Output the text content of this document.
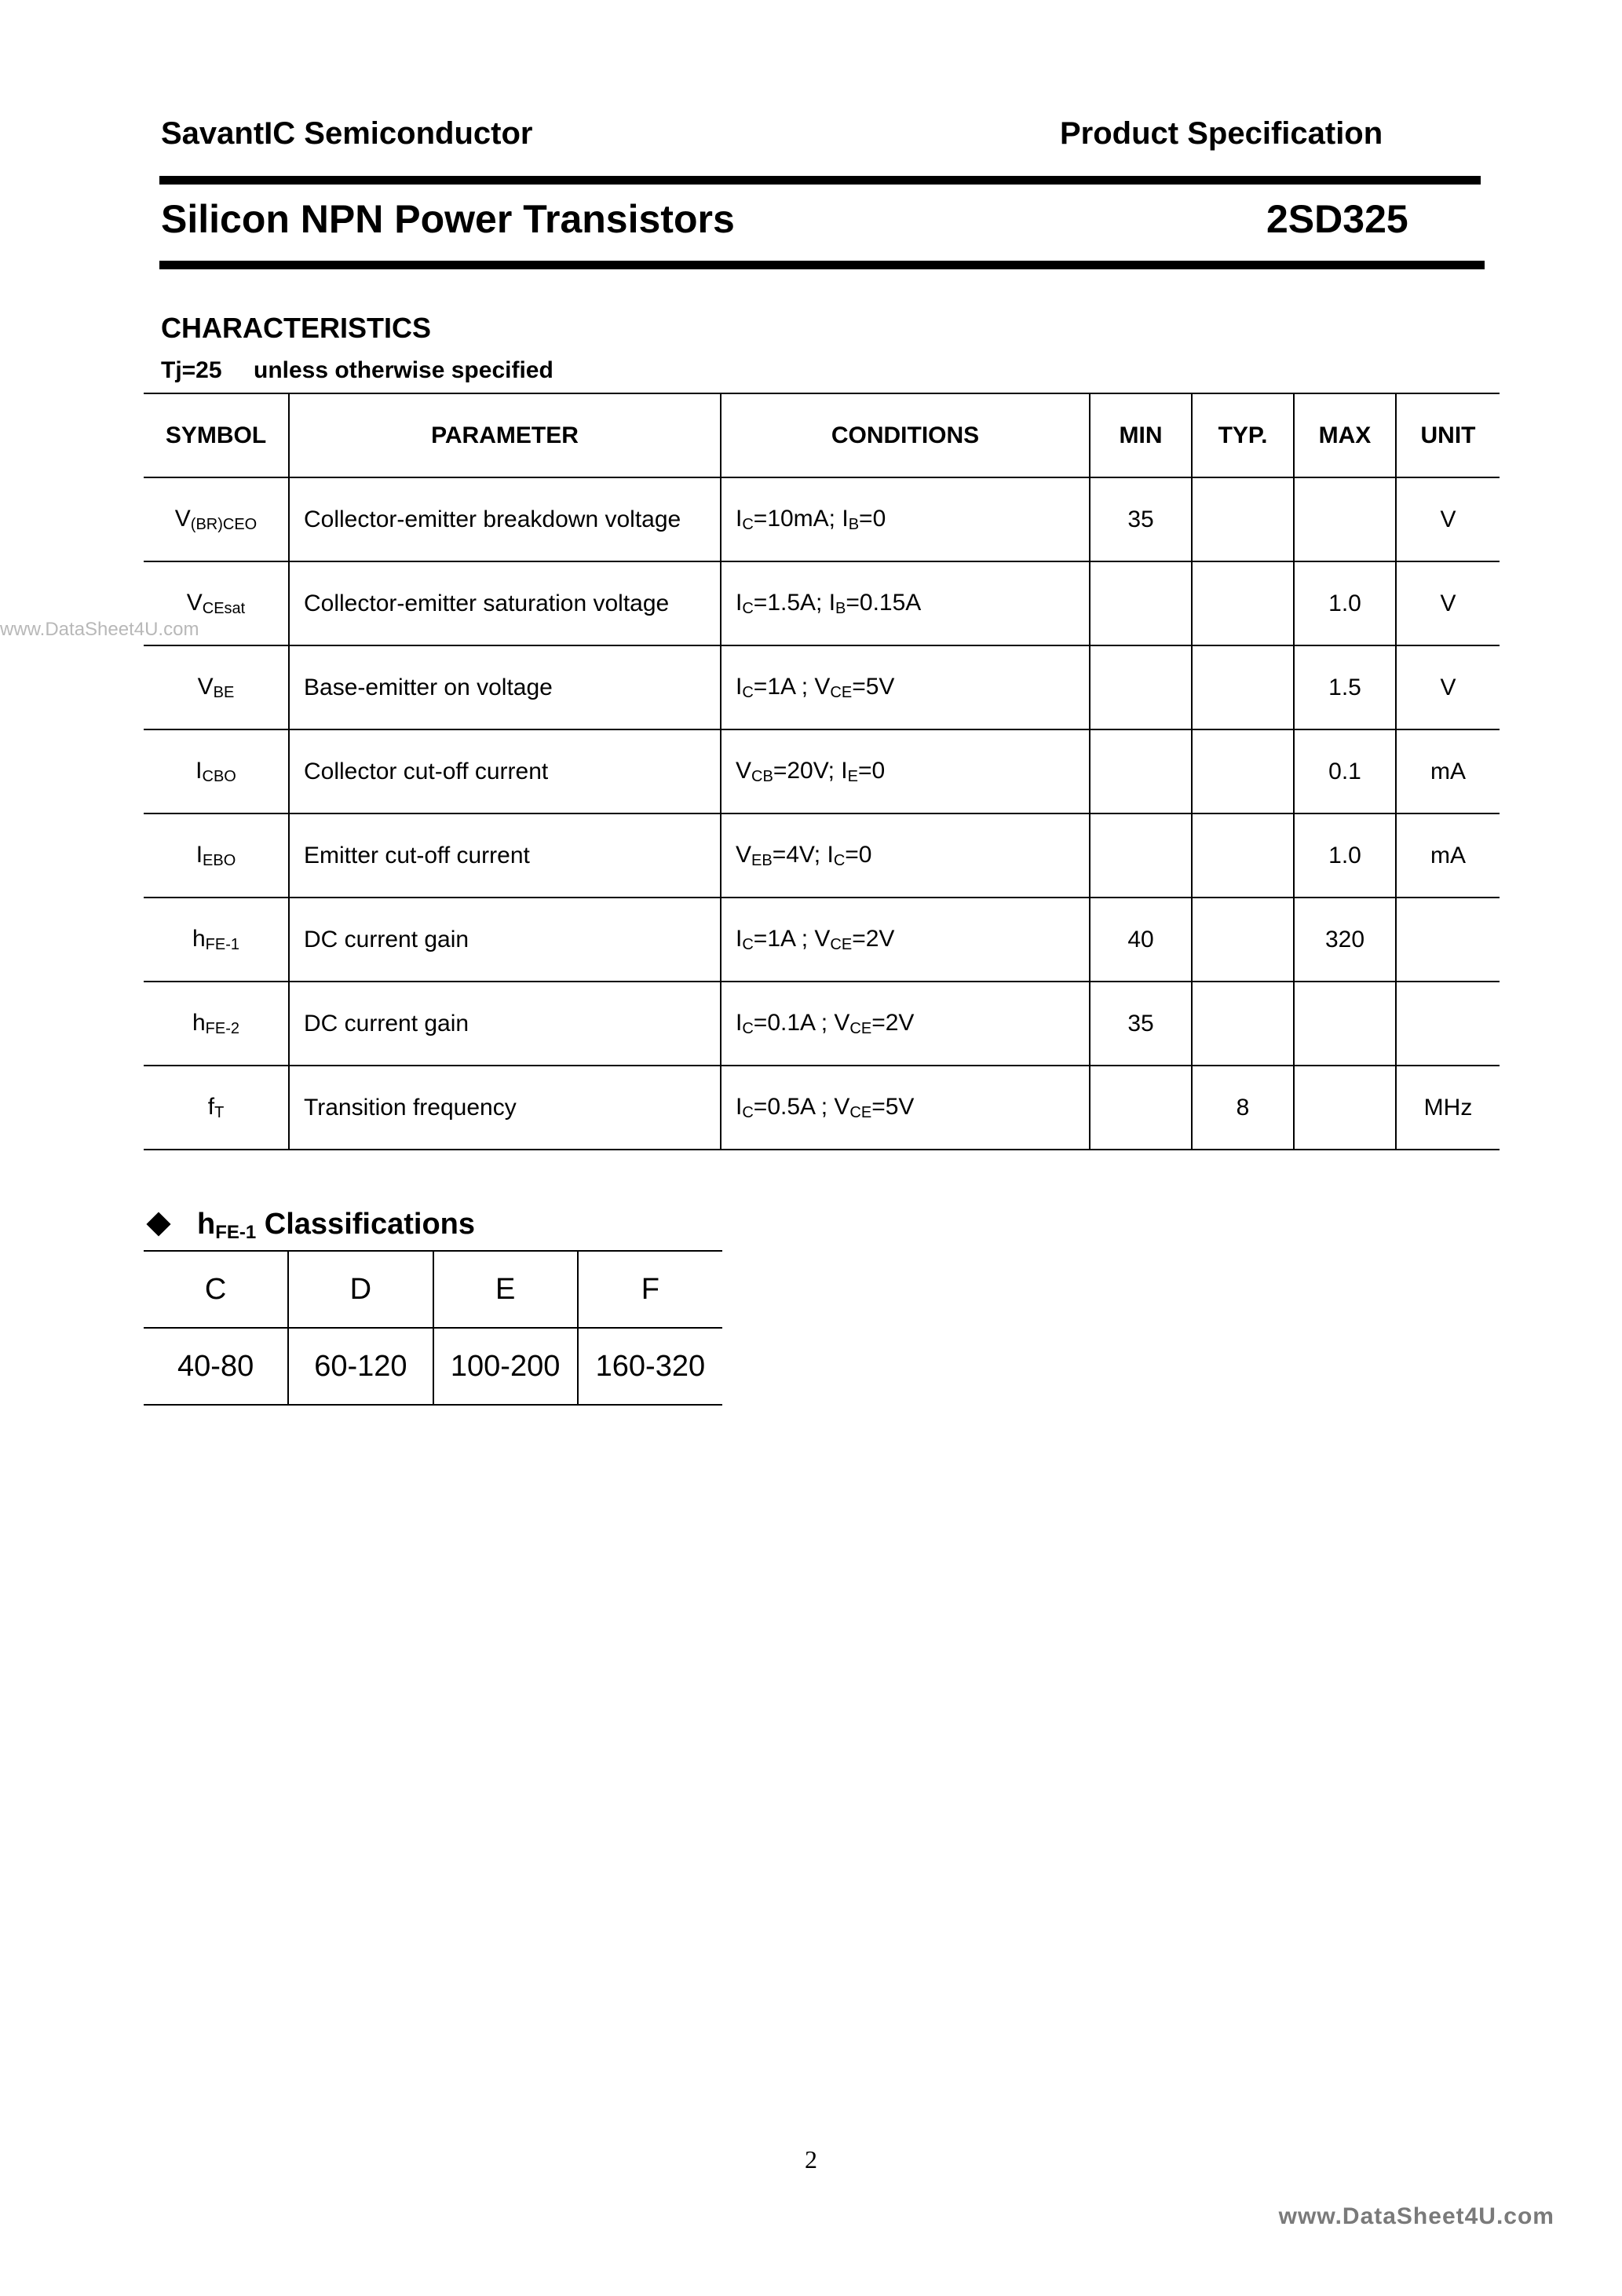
SavantIC Semiconductor	Product Specification
Silicon NPN Power Transistors	2SD325
www.DataSheet4U.com
CHARACTERISTICS
Tj=25 unless otherwise specified
SYMBOL	PARAMETER	CONDITIONS	MIN	TYP.	MAX	UNIT
$V_{(BR)CEO}$	Collector-emitter breakdown voltage	$I_C=10mA$; $I_B=0$	35			V
$V_{CEsat}$	Collector-emitter saturation voltage	$I_C=1.5A$; $I_B=0.15A$			1.0	V
$V_{BE}$	Base-emitter on voltage	$I_C=1A$ ; $V_{CE}=5V$			1.5	V
$I_{CBO}$	Collector cut-off current	$V_{CB}=20V$; $I_E=0$			0.1	mA
$I_{EBO}$	Emitter cut-off current	$V_{EB}=4V$; $I_C=0$			1.0	mA
$h_{FE-1}$	DC current gain	$I_C=1A$ ; $V_{CE}=2V$	40		320	
$h_{FE-2}$	DC current gain	$I_C=0.1A$ ; $V_{CE}=2V$	35			
$f_T$	Transition frequency	$I_C=0.5A$ ; $V_{CE}=5V$		8		MHz
$h_{FE-1}$ Classifications
C	D	E	F
40-80	60-120	100-200	160-320
2
www.DataSheet4U.com
